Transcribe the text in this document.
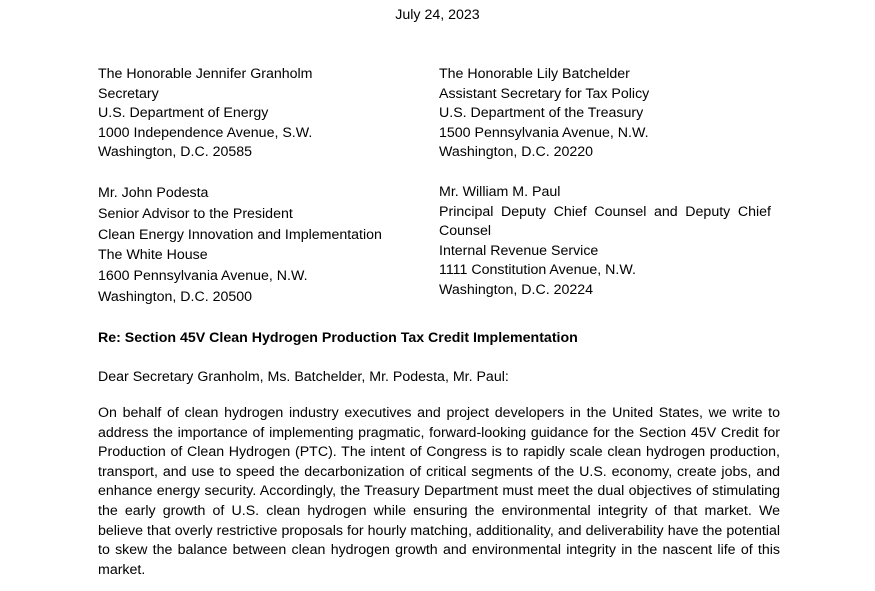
July 24, 2023
The Honorable Jennifer Granholm
Secretary
U.S. Department of Energy
1000 Independence Avenue, S.W.
Washington, D.C. 20585
The Honorable Lily Batchelder
Assistant Secretary for Tax Policy
U.S. Department of the Treasury
1500 Pennsylvania Avenue, N.W.
Washington, D.C. 20220
Mr. John Podesta
Senior Advisor to the President
Clean Energy Innovation and Implementation
The White House
1600 Pennsylvania Avenue, N.W.
Washington, D.C. 20500
Mr. William M. Paul
Principal Deputy Chief Counsel and Deputy Chief Counsel
Internal Revenue Service
1111 Constitution Avenue, N.W.
Washington, D.C. 20224
Re: Section 45V Clean Hydrogen Production Tax Credit Implementation
Dear Secretary Granholm, Ms. Batchelder, Mr. Podesta, Mr. Paul:
On behalf of clean hydrogen industry executives and project developers in the United States, we write to address the importance of implementing pragmatic, forward-looking guidance for the Section 45V Credit for Production of Clean Hydrogen (PTC). The intent of Congress is to rapidly scale clean hydrogen production, transport, and use to speed the decarbonization of critical segments of the U.S. economy, create jobs, and enhance energy security. Accordingly, the Treasury Department must meet the dual objectives of stimulating the early growth of U.S. clean hydrogen while ensuring the environmental integrity of that market. We believe that overly restrictive proposals for hourly matching, additionality, and deliverability have the potential to skew the balance between clean hydrogen growth and environmental integrity in the nascent life of this market.
